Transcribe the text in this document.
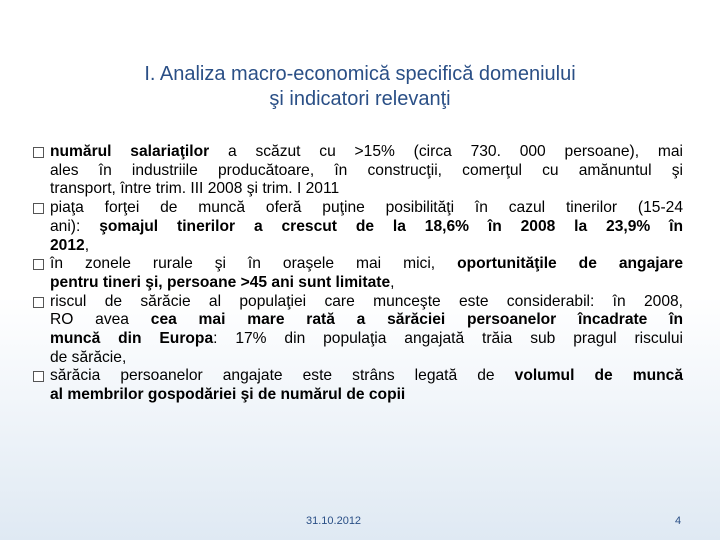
I. Analiza macro-economică specifică domeniului
şi indicatori relevanţi
numărul salariaţilor a scăzut cu >15% (circa 730. 000 persoane), mai
ales în industriile producătoare, în construcţii, comerţul cu amănuntul şi
transport, între trim. III 2008 şi trim. I 2011
piaţa forţei de muncă oferă puţine posibilităţi în cazul tinerilor (15-24
ani): şomajul tinerilor a crescut de la 18,6% în 2008 la 23,9% în
2012,
în zonele rurale şi în oraşele mai mici, oportunităţile de angajare
pentru tineri şi, persoane >45 ani sunt limitate,
riscul de sărăcie al populaţiei care munceşte este considerabil: în 2008,
RO avea cea mai mare rată a sărăciei persoanelor încadrate în
muncă din Europa: 17% din populaţia angajată trăia sub pragul riscului
de sărăcie,
sărăcia persoanelor angajate este strâns legată de volumul de muncă
al membrilor gospodăriei şi de numărul de copii
31.10.2012	4
